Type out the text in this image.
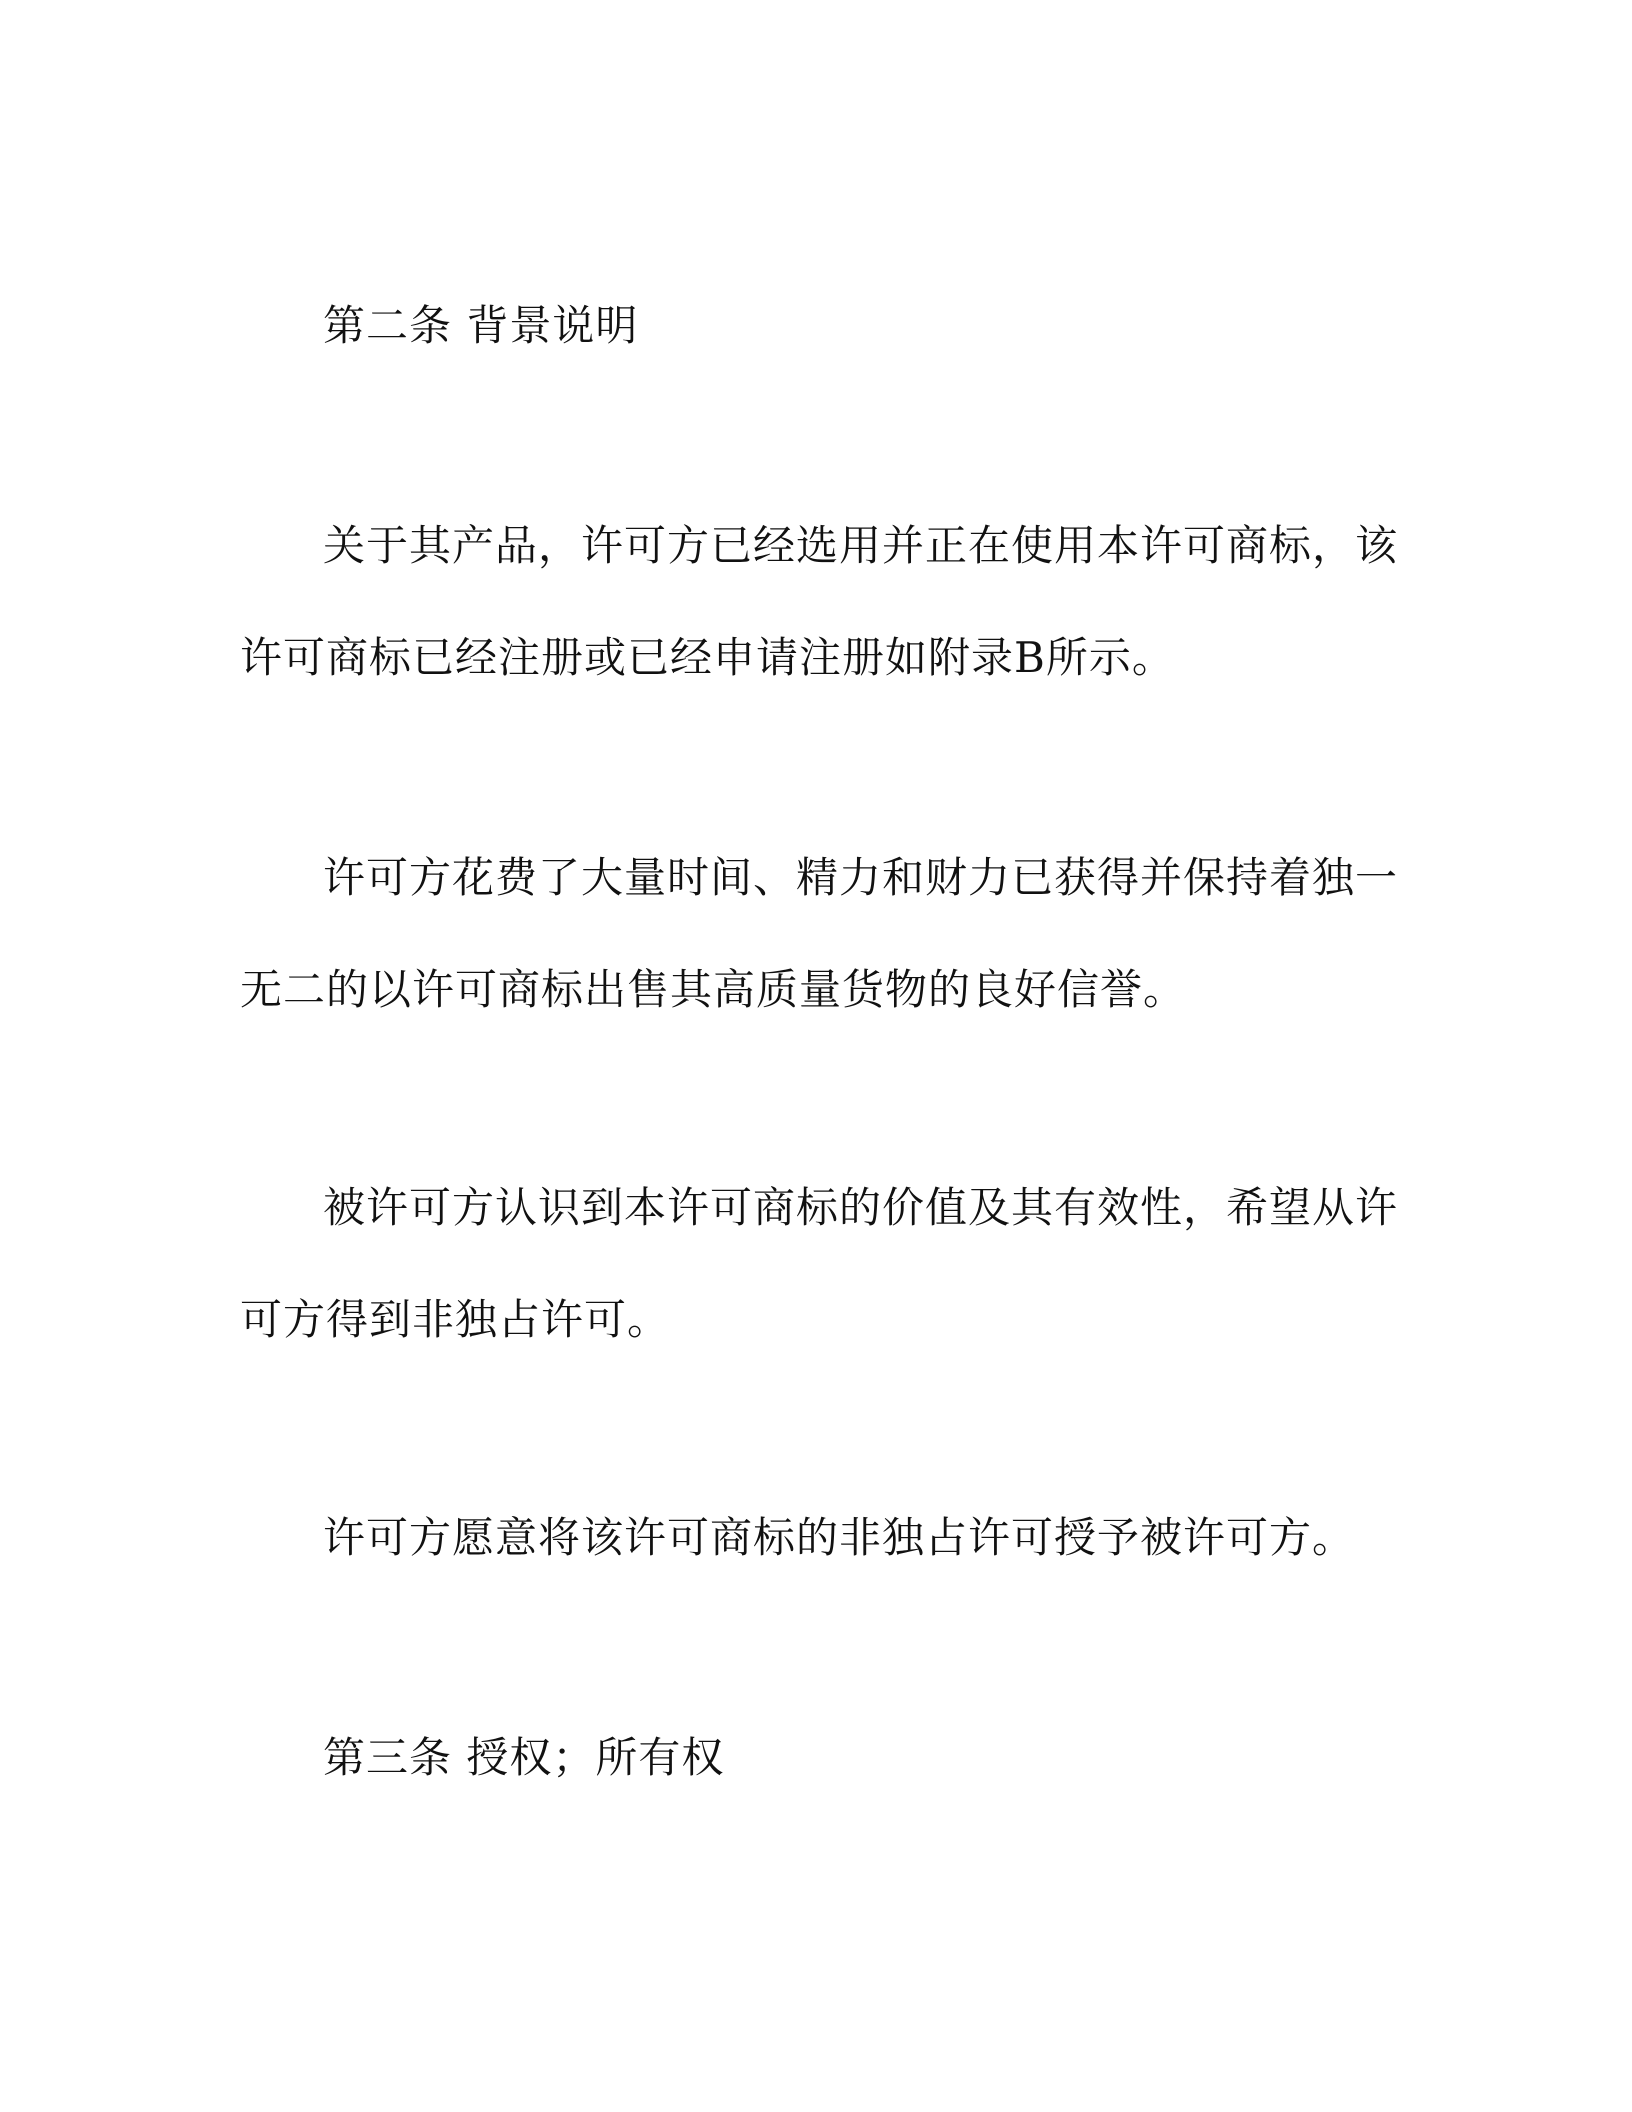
第二条 背景说明
关于其产品，许可方已经选用并正在使用本许可商标，该
许可商标已经注册或已经申请注册如附录B所示。
许可方花费了大量时间、精力和财力已获得并保持着独一
无二的以许可商标出售其高质量货物的良好信誉。
被许可方认识到本许可商标的价值及其有效性，希望从许
可方得到非独占许可。
许可方愿意将该许可商标的非独占许可授予被许可方。
第三条 授权；所有权
